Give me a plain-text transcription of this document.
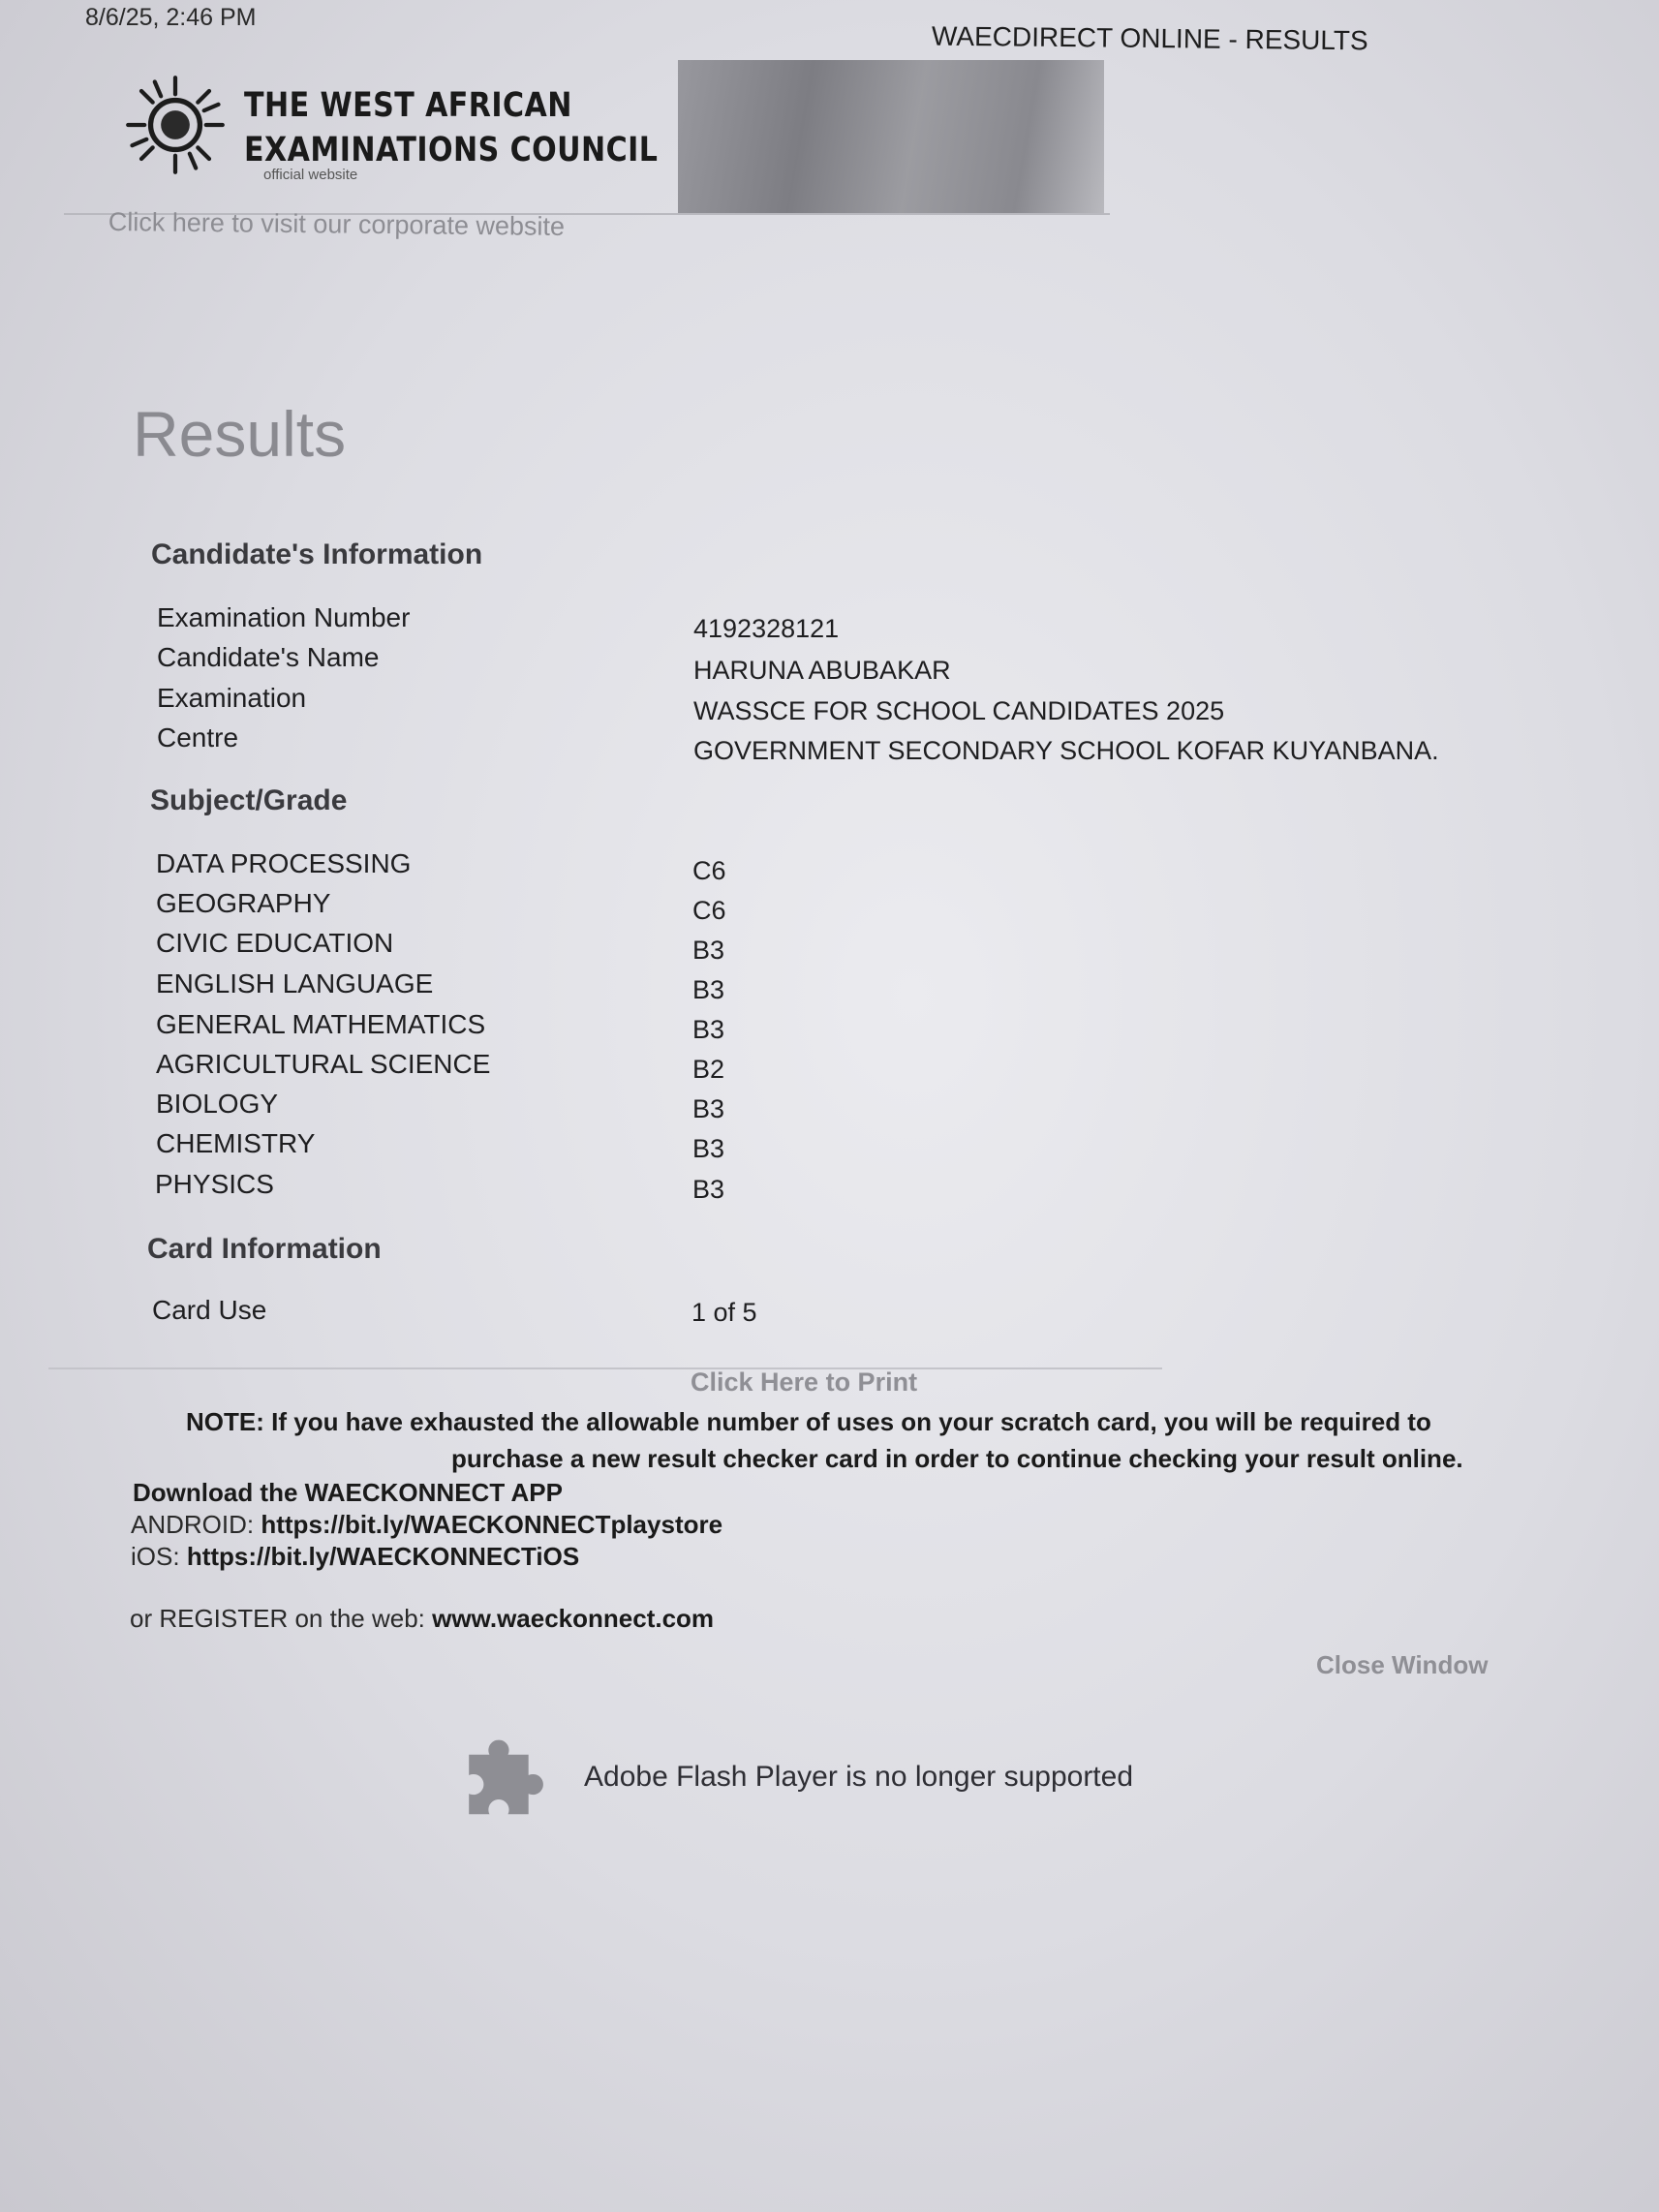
8/6/25, 2:46 PM
WAECDIRECT ONLINE - RESULTS
THE WEST AFRICAN
EXAMINATIONS COUNCIL
official website
Click here to visit our corporate website
Results
Candidate's Information
Examination Number	4192328121
Candidate's Name	HARUNA ABUBAKAR
Examination	WASSCE FOR SCHOOL CANDIDATES 2025
Centre	GOVERNMENT SECONDARY SCHOOL KOFAR KUYANBANA.
Subject/Grade
DATA PROCESSING	C6
GEOGRAPHY	C6
CIVIC EDUCATION	B3
ENGLISH LANGUAGE	B3
GENERAL MATHEMATICS	B3
AGRICULTURAL SCIENCE	B2
BIOLOGY	B3
CHEMISTRY	B3
PHYSICS	B3
Card Information
Card Use	1 of 5
Click Here to Print
NOTE: If you have exhausted the allowable number of uses on your scratch card, you will be required to
purchase a new result checker card in order to continue checking your result online.
Download the WAECKONNECT APP
ANDROID: https://bit.ly/WAECKONNECTplaystore
iOS: https://bit.ly/WAECKONNECTiOS
or REGISTER on the web: www.waeckonnect.com
Close Window
Adobe Flash Player is no longer supported
